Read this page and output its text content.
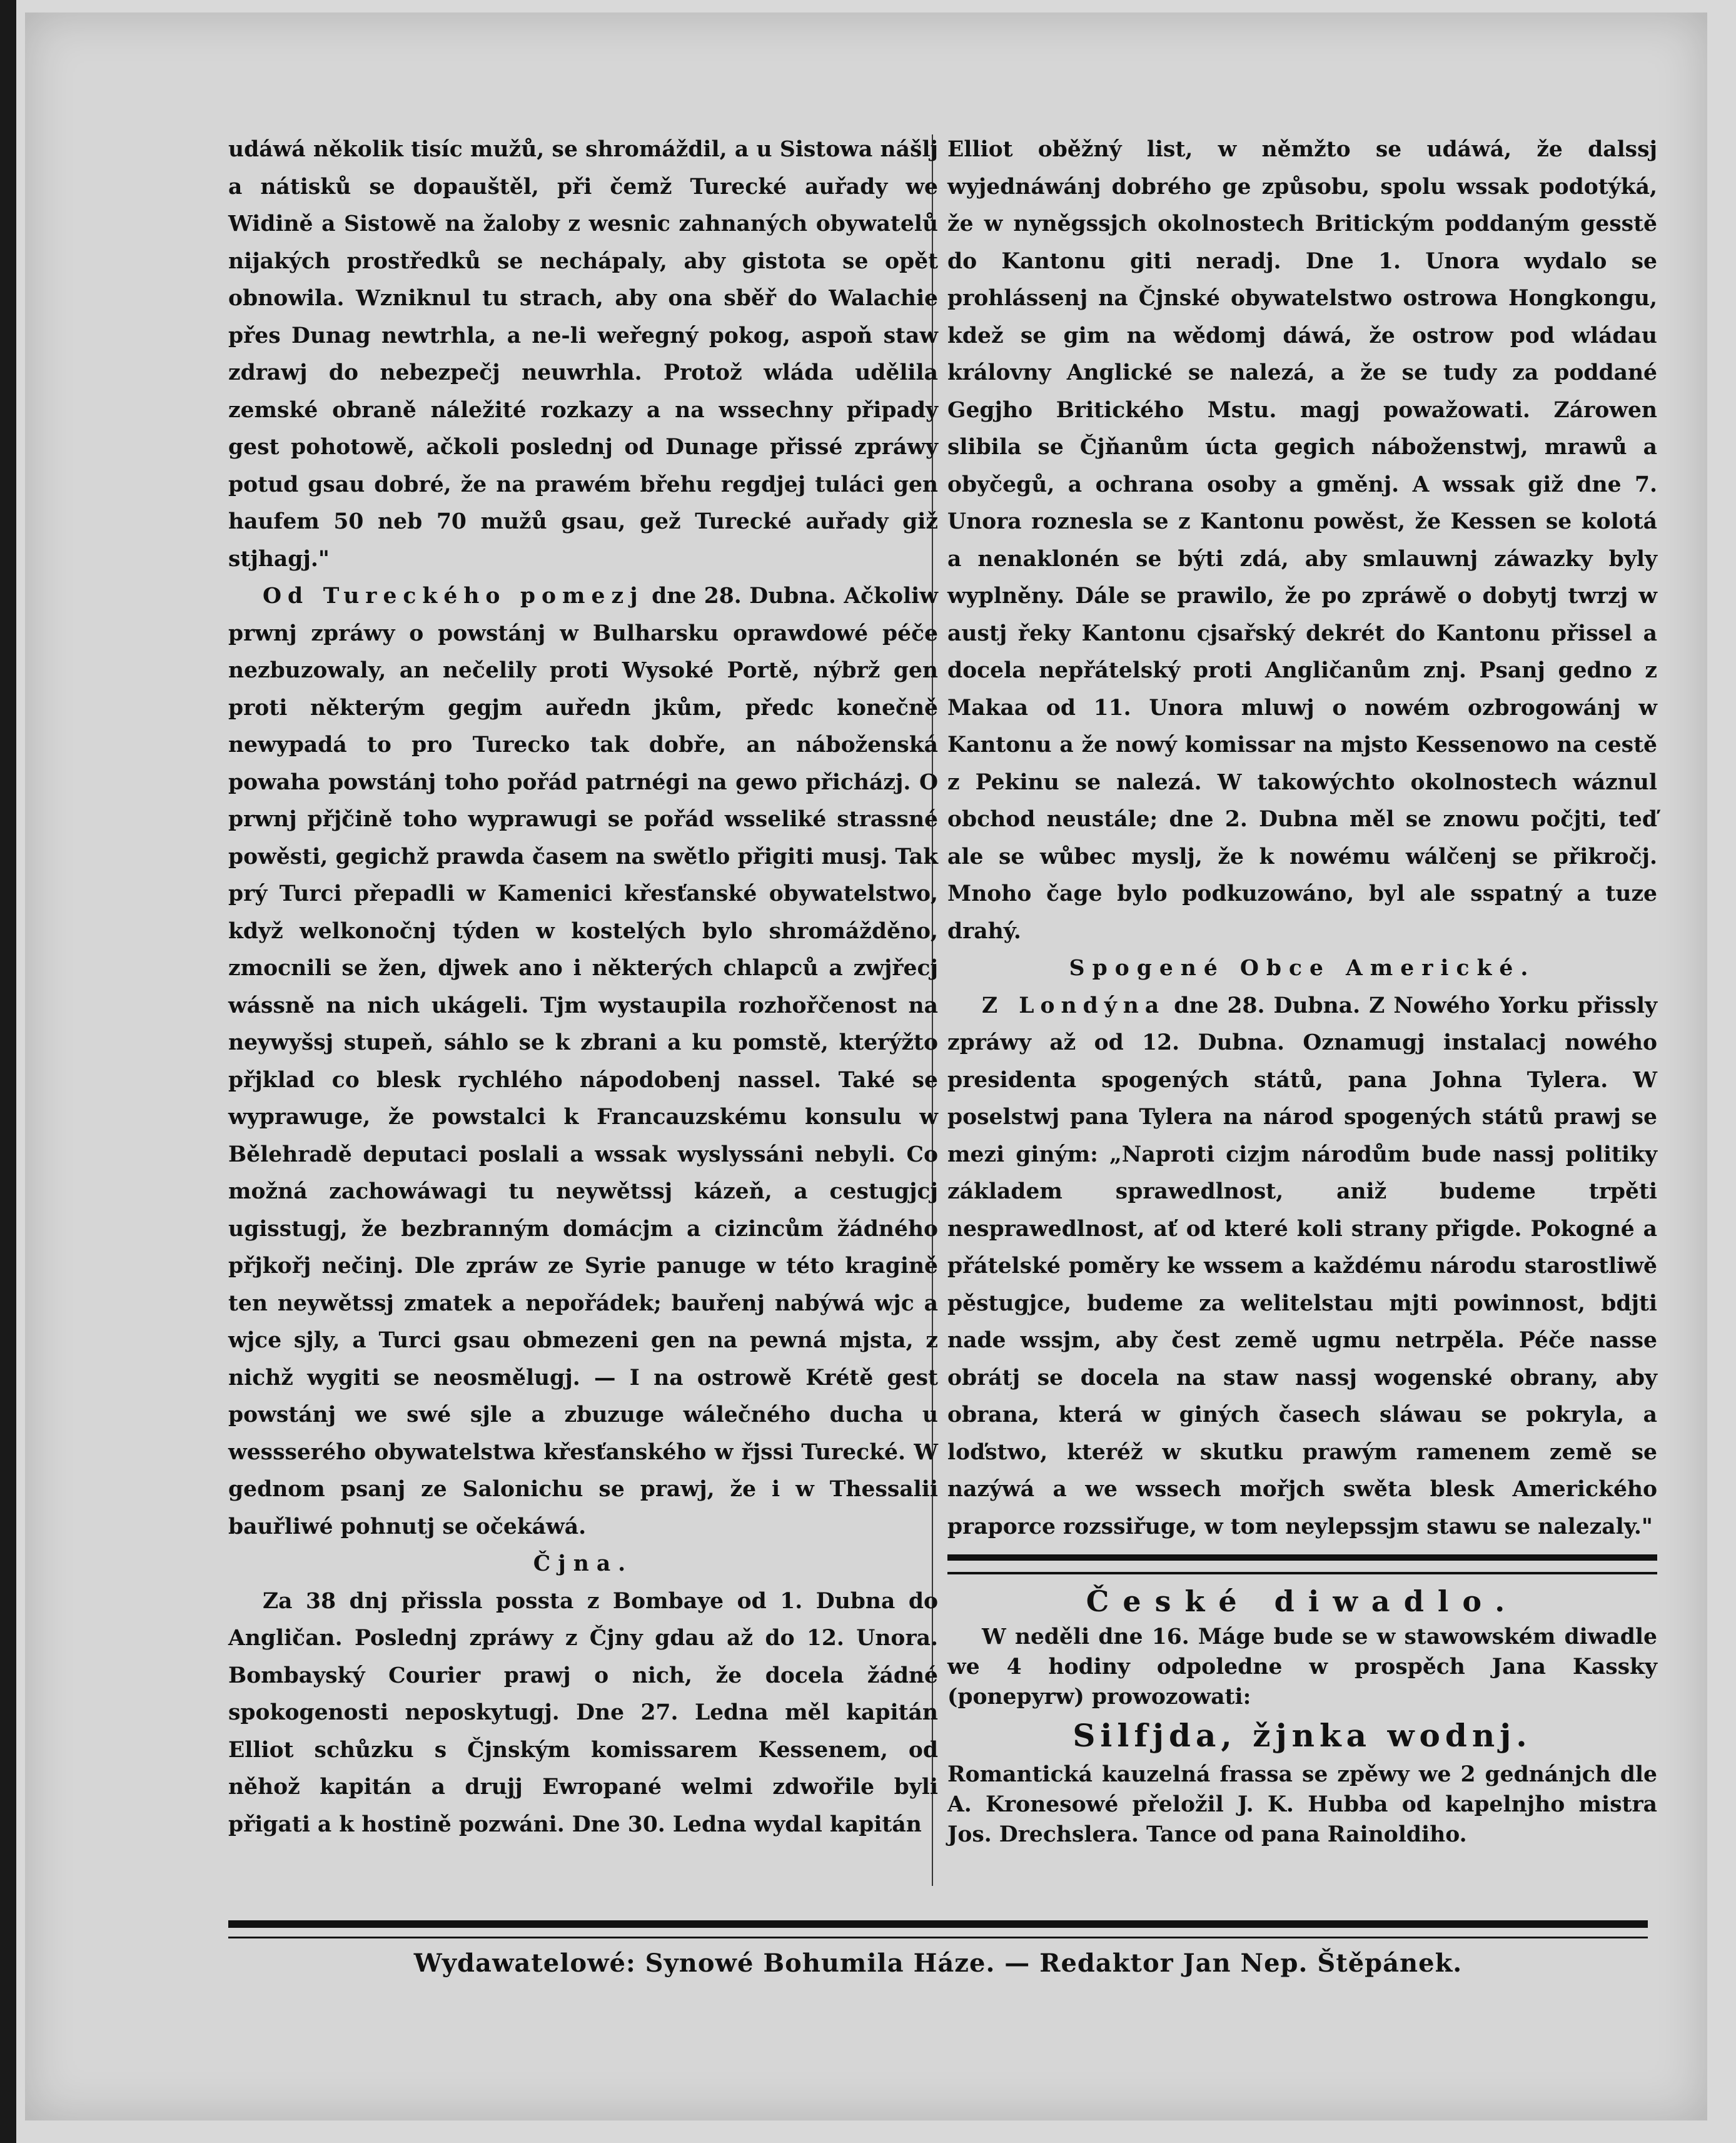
udáwá několik tisíc mužů, se shromáždil, a u Sistowa nášlj a nátisků se dopauštěl, při čemž Turecké auřady we Widině a Sistowě na žaloby z wesnic zahnaných obywatelů nijakých prostředků se nechápaly, aby gistota se opět obnowila. Wzniknul tu strach, aby ona sběř do Walachie přes Dunag newtrhla, a ne-li weřegný pokog, aspoň staw zdrawj do nebezpečj neuwrhla. Protož wláda udělila zemské obraně náležité rozkazy a na wssechny připady gest pohotowě, ačkoli poslednj od Dunage přissé zpráwy potud gsau dobré, že na prawém břehu regdjej tuláci gen haufem 50 neb 70 mužů gsau, gež Turecké auřady giž stjhagj."

Od Tureckého pomezj dne 28. Dubna. Ačkoliw prwnj zpráwy o powstánj w Bulharsku oprawdowé péče nezbuzowaly, an nečelily proti Wysoké Portě, nýbrž gen proti některým gegjm auředn jkům, předc konečně newypadá to pro Turecko tak dobře, an náboženská powaha powstánj toho pořád patrnégi na gewo přicházj. O prwnj přjčině toho wyprawugi se pořád wsseliké strassné powěsti, gegichž prawda časem na swětlo přigiti musj. Tak prý Turci přepadli w Kamenici křesťanské obywatelstwo, když welkonočnj týden w kostelých bylo shromážděno, zmocnili se žen, djwek ano i některých chlapců a zwjřecj wássně na nich ukágeli. Tjm wystaupila rozhořčenost na neywyšsj stupeň, sáhlo se k zbrani a ku pomstě, kterýžto přjklad co blesk rychlého nápodobenj nassel. Také se wyprawuge, že powstalci k Francauzskému konsulu w Bělehradě deputaci poslali a wssak wyslyssáni nebyli. Co možná zachowáwagi tu neywětssj kázeň, a cestugjcj ugisstugj, že bezbranným domácjm a cizincům žádného přjkořj nečinj. Dle zpráw ze Syrie panuge w této kragině ten neywětssj zmatek a nepořádek; bauřenj nabýwá wjc a wjce sjly, a Turci gsau obmezeni gen na pewná mjsta, z nichž wygiti se neosmělugj. — I na ostrowě Krétě gest powstánj we swé sjle a zbuzuge wálečného ducha u wessserého obywatelstwa křesťanského w řjssi Turecké. W gednom psanj ze Salonichu se prawj, že i w Thessalii bauřliwé pohnutj se očekáwá.

Čjna.

Za 38 dnj přissla possta z Bombaye od 1. Dubna do Angličan. Poslednj zpráwy z Čjny gdau až do 12. Unora. Bombayský Courier prawj o nich, že docela žádné spokogenosti neposkytugj. Dne 27. Ledna měl kapitán Elliot schůzku s Čjnským komissarem Kessenem, od něhož kapitán a drujj Ewropané welmi zdwořile byli přigati a k hostině pozwáni. Dne 30. Ledna wydal kapitán

Elliot oběžný list, w němžto se udáwá, že dalssj wyjednáwánj dobrého ge způsobu, spolu wssak podotýká, že w nyněgssjch okolnostech Britickým poddaným gesstě do Kantonu giti neradj. Dne 1. Unora wydalo se prohlássenj na Čjnské obywatelstwo ostrowa Hongkongu, kdež se gim na wědomj dáwá, že ostrow pod wládau královny Anglické se nalezá, a že se tudy za poddané Gegjho Britického Mstu. magj powažowati. Zárowen slibila se Čjňanům úcta gegich náboženstwj, mrawů a obyčegů, a ochrana osoby a gměnj. A wssak giž dne 7. Unora roznesla se z Kantonu powěst, že Kessen se kolotá a nenaklonén se býti zdá, aby smlauwnj záwazky byly wyplněny. Dále se prawilo, že po zpráwě o dobytj twrzj w austj řeky Kantonu cjsařský dekrét do Kantonu přissel a docela nepřátelský proti Angličanům znj. Psanj gedno z Makaa od 11. Unora mluwj o nowém ozbrogowánj w Kantonu a že nowý komissar na mjsto Kessenowo na cestě z Pekinu se nalezá. W takowýchto okolnostech wáznul obchod neustále; dne 2. Dubna měl se znowu počjti, teď ale se wůbec myslj, že k nowému wálčenj se přikročj. Mnoho čage bylo podkuzowáno, byl ale sspatný a tuze drahý.

Spogené Obce Americké.

Z Londýna dne 28. Dubna. Z Nowého Yorku přissly zpráwy až od 12. Dubna. Oznamugj instalacj nowého presidenta spogených států, pana Johna Tylera. W poselstwj pana Tylera na národ spogených států prawj se mezi giným: „Naproti cizjm národům bude nassj politiky základem sprawedlnost, aniž budeme trpěti nesprawedlnost, ať od které koli strany přigde. Pokogné a přátelské poměry ke wssem a každému národu starostliwě pěstugjce, budeme za welitelstau mjti powinnost, bdjti nade wssjm, aby čest země ugmu netrpěla. Péče nasse obrátj se docela na staw nassj wogenské obrany, aby obrana, která w giných časech sláwau se pokryla, a loďstwo, kteréž w skutku prawým ramenem země se nazýwá a we wssech mořjch swěta blesk Amerického praporce rozssiřuge, w tom neylepssjm stawu se nalezaly."

České diwadlo.

W neděli dne 16. Máge bude se w stawowském diwadle we 4 hodiny odpoledne w prospěch Jana Kassky (ponepyrw) prowozowati:

Silfjda, žjnka wodnj.

Romantická kauzelná frassa se zpěwy we 2 gednánjch dle A. Kronesowé přeložil J. K. Hubba od kapelnjho mistra Jos. Drechslera. Tance od pana Rainoldiho.

Wydawatelowé: Synowé Bohumila Háze. — Redaktor Jan Nep. Štěpánek.
